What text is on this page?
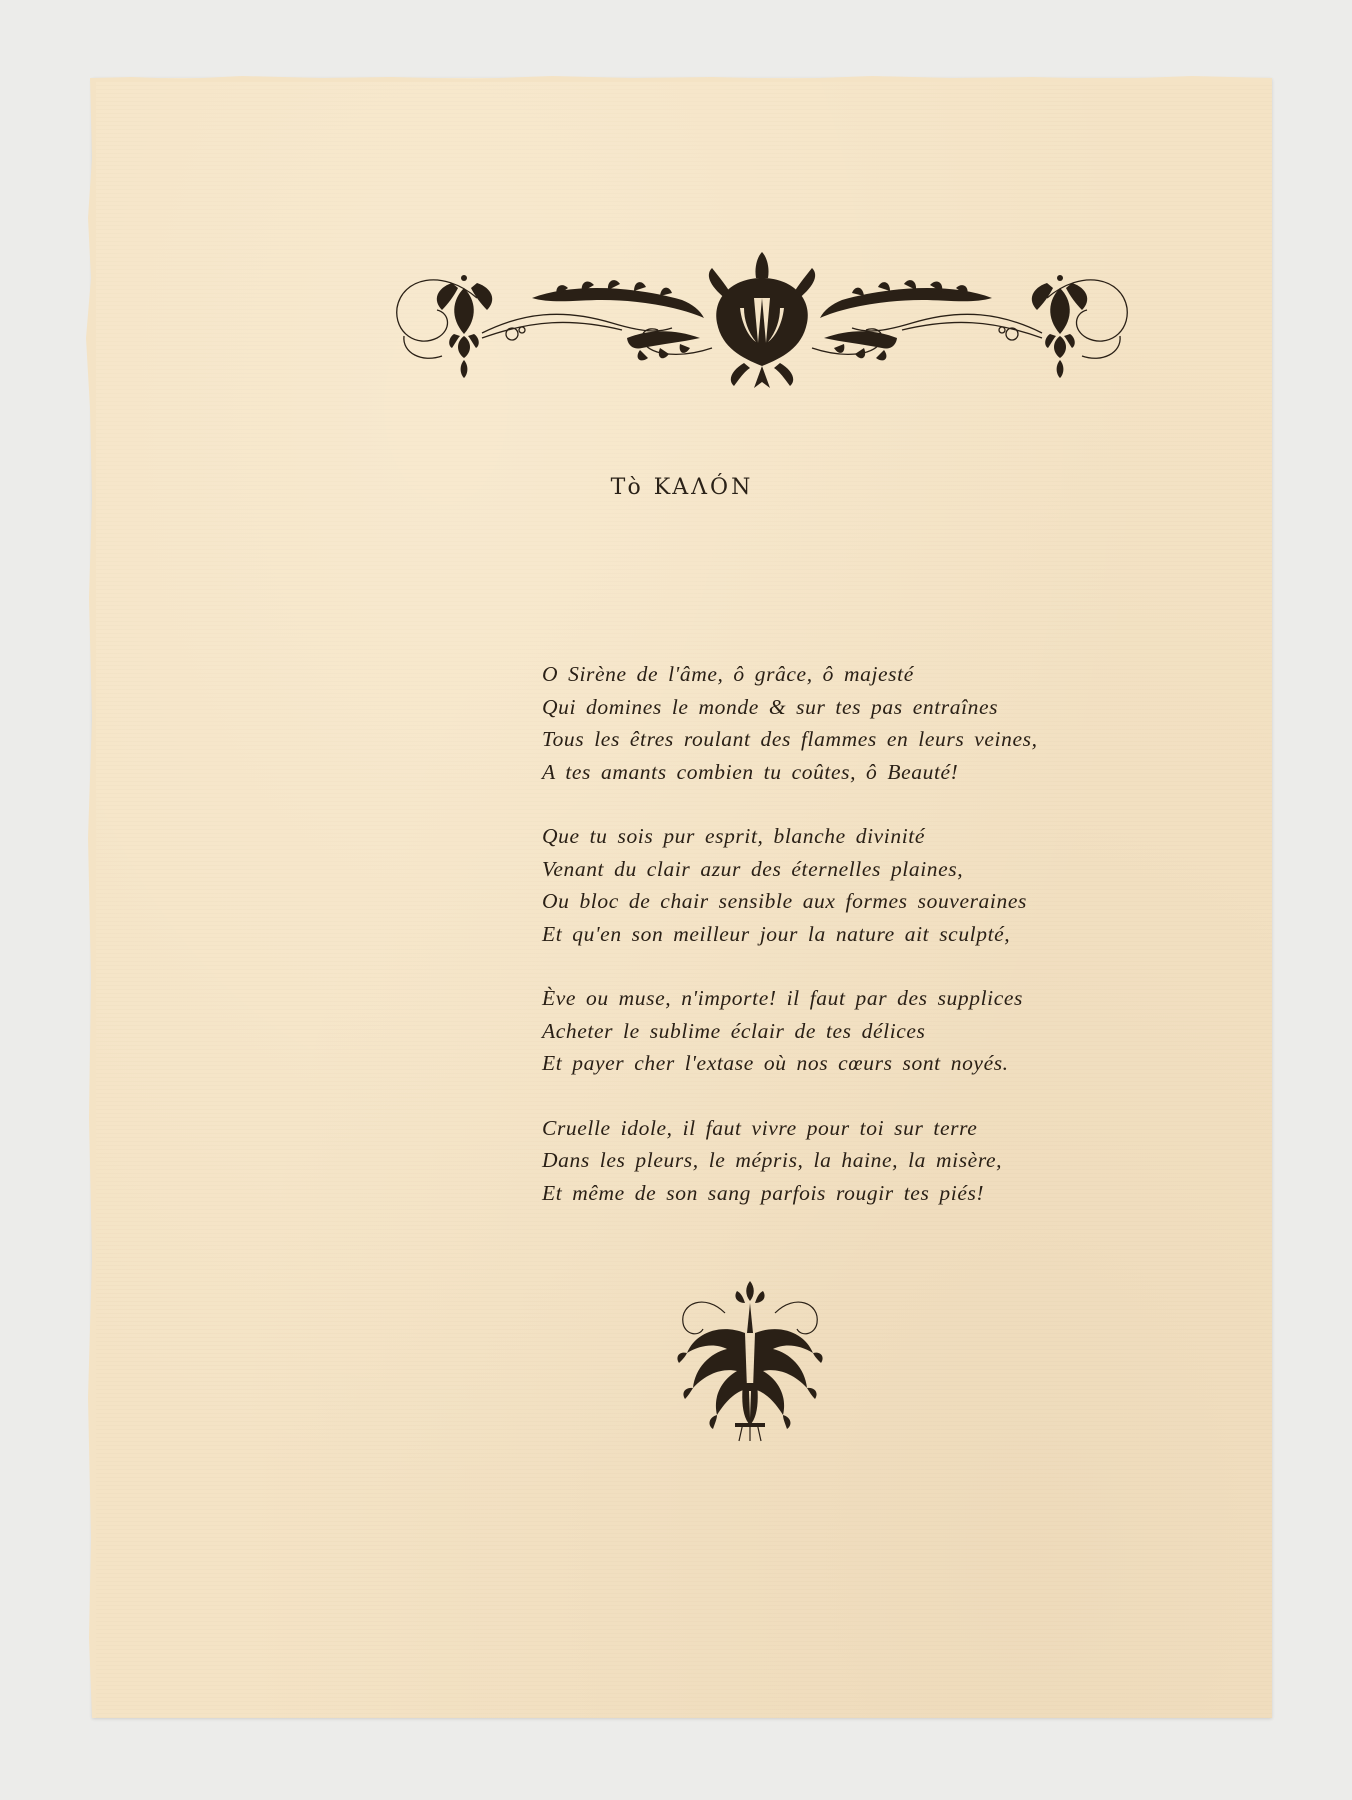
Tò KAΛÓN
O Sirène de l'âme, ô grâce, ô majesté
Qui domines le monde & sur tes pas entraînes
Tous les êtres roulant des flammes en leurs veines,
A tes amants combien tu coûtes, ô Beauté!
Que tu sois pur esprit, blanche divinité
Venant du clair azur des éternelles plaines,
Ou bloc de chair sensible aux formes souveraines
Et qu'en son meilleur jour la nature ait sculpté,
Ève ou muse, n'importe! il faut par des supplices
Acheter le sublime éclair de tes délices
Et payer cher l'extase où nos cœurs sont noyés.
Cruelle idole, il faut vivre pour toi sur terre
Dans les pleurs, le mépris, la haine, la misère,
Et même de son sang parfois rougir tes piés!
